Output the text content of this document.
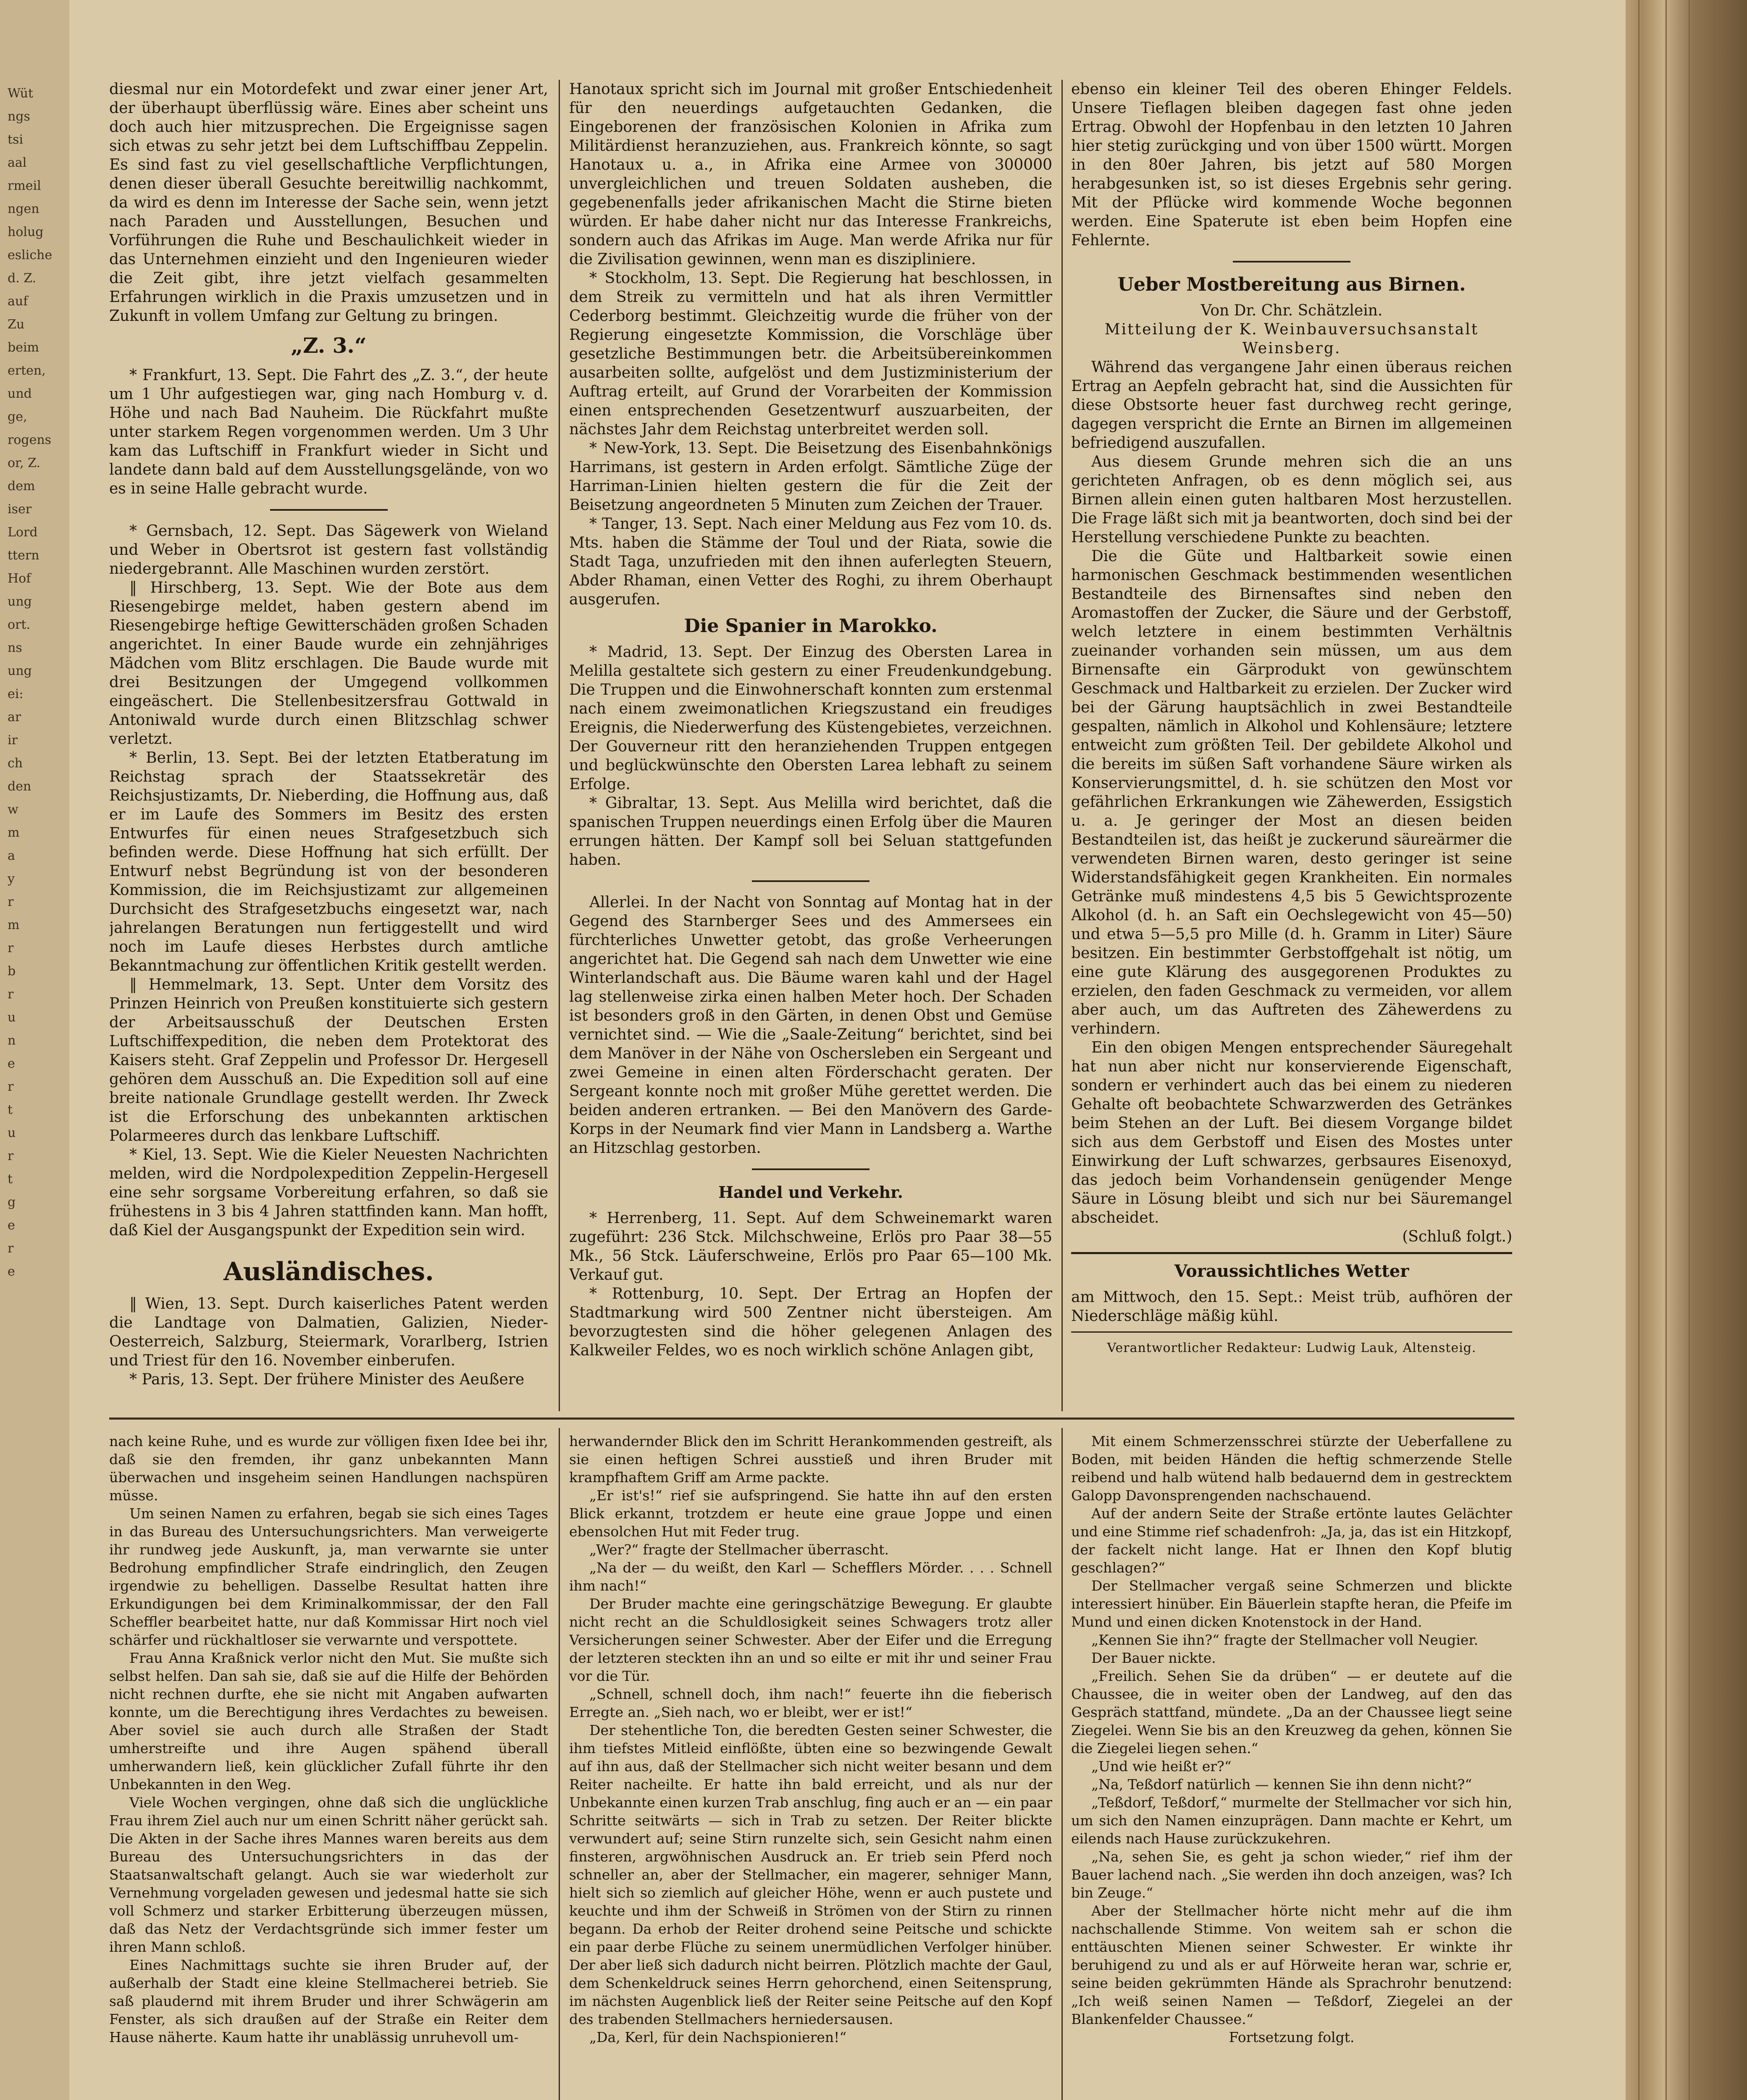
Wüt
ngs
tsi
aal
rmeil
ngen
holug
esliche
d. Z.
auf
Zu
beim
erten,
und
ge,
rogens
or, Z.
dem
iser
Lord
ttern
Hof
ung
ort.
ns
ung
ei:
ar
ir
ch
den
w
m
a
y
r
m
r
b
r
u
n
e
r
t
u
r
t
g
e
r
e

diesmal nur ein Motordefekt und zwar einer jener Art, der überhaupt überflüssig wäre. Eines aber scheint uns doch auch hier mitzusprechen. Die Ergeignisse sagen sich etwas zu sehr jetzt bei dem Luftschiffbau Zeppelin. Es sind fast zu viel gesellschaftliche Verpflichtungen, denen dieser überall Gesuchte bereitwillig nachkommt, da wird es denn im Interesse der Sache sein, wenn jetzt nach Paraden und Ausstellungen, Besuchen und Vorführungen die Ruhe und Beschaulichkeit wieder in das Unternehmen einzieht und den Ingenieuren wieder die Zeit gibt, ihre jetzt vielfach gesammelten Erfahrungen wirklich in die Praxis umzusetzen und in Zukunft in vollem Umfang zur Geltung zu bringen.

„Z. 3.“

* Frankfurt, 13. Sept. Die Fahrt des „Z. 3.“, der heute um 1 Uhr aufgestiegen war, ging nach Homburg v. d. Höhe und nach Bad Nauheim. Die Rückfahrt mußte unter starkem Regen vorgenommen werden. Um 3 Uhr kam das Luftschiff in Frankfurt wieder in Sicht und landete dann bald auf dem Ausstellungsgelände, von wo es in seine Halle gebracht wurde.

* Gernsbach, 12. Sept. Das Sägewerk von Wieland und Weber in Obertsrot ist gestern fast vollständig niedergebrannt. Alle Maschinen wurden zerstört.

‖ Hirschberg, 13. Sept. Wie der Bote aus dem Riesengebirge meldet, haben gestern abend im Riesengebirge heftige Gewitterschäden großen Schaden angerichtet. In einer Baude wurde ein zehnjähriges Mädchen vom Blitz erschlagen. Die Baude wurde mit drei Besitzungen der Umgegend vollkommen eingeäschert. Die Stellenbesitzersfrau Gottwald in Antoniwald wurde durch einen Blitzschlag schwer verletzt.

* Berlin, 13. Sept. Bei der letzten Etatberatung im Reichstag sprach der Staatssekretär des Reichsjustizamts, Dr. Nieberding, die Hoffnung aus, daß er im Laufe des Sommers im Besitz des ersten Entwurfes für einen neues Strafgesetzbuch sich befinden werde. Diese Hoffnung hat sich erfüllt. Der Entwurf nebst Begründung ist von der besonderen Kommission, die im Reichsjustizamt zur allgemeinen Durchsicht des Strafgesetzbuchs eingesetzt war, nach jahrelangen Beratungen nun fertiggestellt und wird noch im Laufe dieses Herbstes durch amtliche Bekanntmachung zur öffentlichen Kritik gestellt werden.

‖ Hemmelmark, 13. Sept. Unter dem Vorsitz des Prinzen Heinrich von Preußen konstituierte sich gestern der Arbeitsausschuß der Deutschen Ersten Luftschiffexpedition, die neben dem Protektorat des Kaisers steht. Graf Zeppelin und Professor Dr. Hergesell gehören dem Ausschuß an. Die Expedition soll auf eine breite nationale Grundlage gestellt werden. Ihr Zweck ist die Erforschung des unbekannten arktischen Polarmeeres durch das lenkbare Luftschiff.

* Kiel, 13. Sept. Wie die Kieler Neuesten Nachrichten melden, wird die Nordpolexpedition Zeppelin-Hergesell eine sehr sorgsame Vorbereitung erfahren, so daß sie frühestens in 3 bis 4 Jahren stattfinden kann. Man hofft, daß Kiel der Ausgangspunkt der Expedition sein wird.

Ausländisches.

‖ Wien, 13. Sept. Durch kaiserliches Patent werden die Landtage von Dalmatien, Galizien, Nieder-Oesterreich, Salzburg, Steiermark, Vorarlberg, Istrien und Triest für den 16. November einberufen.

* Paris, 13. Sept. Der frühere Minister des Aeußere

Hanotaux spricht sich im Journal mit großer Entschiedenheit für den neuerdings aufgetauchten Gedanken, die Eingeborenen der französischen Kolonien in Afrika zum Militärdienst heranzuziehen, aus. Frankreich könnte, so sagt Hanotaux u. a., in Afrika eine Armee von 300000 unvergleichlichen und treuen Soldaten ausheben, die gegebenenfalls jeder afrikanischen Macht die Stirne bieten würden. Er habe daher nicht nur das Interesse Frankreichs, sondern auch das Afrikas im Auge. Man werde Afrika nur für die Zivilisation gewinnen, wenn man es diszipliniere.

* Stockholm, 13. Sept. Die Regierung hat beschlossen, in dem Streik zu vermitteln und hat als ihren Vermittler Cederborg bestimmt. Gleichzeitig wurde die früher von der Regierung eingesetzte Kommission, die Vorschläge über gesetzliche Bestimmungen betr. die Arbeitsübereinkommen ausarbeiten sollte, aufgelöst und dem Justizministerium der Auftrag erteilt, auf Grund der Vorarbeiten der Kommission einen entsprechenden Gesetzentwurf auszuarbeiten, der nächstes Jahr dem Reichstag unterbreitet werden soll.

* New-York, 13. Sept. Die Beisetzung des Eisenbahnkönigs Harrimans, ist gestern in Arden erfolgt. Sämtliche Züge der Harriman-Linien hielten gestern die für die Zeit der Beisetzung angeordneten 5 Minuten zum Zeichen der Trauer.

* Tanger, 13. Sept. Nach einer Meldung aus Fez vom 10. ds. Mts. haben die Stämme der Toul und der Riata, sowie die Stadt Taga, unzufrieden mit den ihnen auferlegten Steuern, Abder Rhaman, einen Vetter des Roghi, zu ihrem Oberhaupt ausgerufen.

Die Spanier in Marokko.

* Madrid, 13. Sept. Der Einzug des Obersten Larea in Melilla gestaltete sich gestern zu einer Freudenkundgebung. Die Truppen und die Einwohnerschaft konnten zum erstenmal nach einem zweimonatlichen Kriegszustand ein freudiges Ereignis, die Niederwerfung des Küstengebietes, verzeichnen. Der Gouverneur ritt den heranziehenden Truppen entgegen und beglückwünschte den Obersten Larea lebhaft zu seinem Erfolge.

* Gibraltar, 13. Sept. Aus Melilla wird berichtet, daß die spanischen Truppen neuerdings einen Erfolg über die Mauren errungen hätten. Der Kampf soll bei Seluan stattgefunden haben.

Allerlei. In der Nacht von Sonntag auf Montag hat in der Gegend des Starnberger Sees und des Ammersees ein fürchterliches Unwetter getobt, das große Verheerungen angerichtet hat. Die Gegend sah nach dem Unwetter wie eine Winterlandschaft aus. Die Bäume waren kahl und der Hagel lag stellenweise zirka einen halben Meter hoch. Der Schaden ist besonders groß in den Gärten, in denen Obst und Gemüse vernichtet sind. — Wie die „Saale-Zeitung“ berichtet, sind bei dem Manöver in der Nähe von Oschersleben ein Sergeant und zwei Gemeine in einen alten Förderschacht geraten. Der Sergeant konnte noch mit großer Mühe gerettet werden. Die beiden anderen ertranken. — Bei den Manövern des Garde-Korps in der Neumark find vier Mann in Landsberg a. Warthe an Hitzschlag gestorben.

Handel und Verkehr.

* Herrenberg, 11. Sept. Auf dem Schweinemarkt waren zugeführt: 236 Stck. Milchschweine, Erlös pro Paar 38—55 Mk., 56 Stck. Läuferschweine, Erlös pro Paar 65—100 Mk. Verkauf gut.

* Rottenburg, 10. Sept. Der Ertrag an Hopfen der Stadtmarkung wird 500 Zentner nicht übersteigen. Am bevorzugtesten sind die höher gelegenen Anlagen des Kalkweiler Feldes, wo es noch wirklich schöne Anlagen gibt,

ebenso ein kleiner Teil des oberen Ehinger Feldels. Unsere Tieflagen bleiben dagegen fast ohne jeden Ertrag. Obwohl der Hopfenbau in den letzten 10 Jahren hier stetig zurückging und von über 1500 württ. Morgen in den 80er Jahren, bis jetzt auf 580 Morgen herabgesunken ist, so ist dieses Ergebnis sehr gering. Mit der Pflücke wird kommende Woche begonnen werden. Eine Spaterute ist eben beim Hopfen eine Fehlernte.

Ueber Mostbereitung aus Birnen.

Von Dr. Chr. Schätzlein.

Mitteilung der K. Weinbauversuchsanstalt Weinsberg.

Während das vergangene Jahr einen überaus reichen Ertrag an Aepfeln gebracht hat, sind die Aussichten für diese Obstsorte heuer fast durchweg recht geringe, dagegen verspricht die Ernte an Birnen im allgemeinen befriedigend auszufallen.

Aus diesem Grunde mehren sich die an uns gerichteten Anfragen, ob es denn möglich sei, aus Birnen allein einen guten haltbaren Most herzustellen. Die Frage läßt sich mit ja beantworten, doch sind bei der Herstellung verschiedene Punkte zu beachten.

Die die Güte und Haltbarkeit sowie einen harmonischen Geschmack bestimmenden wesentlichen Bestandteile des Birnensaftes sind neben den Aromastoffen der Zucker, die Säure und der Gerbstoff, welch letztere in einem bestimmten Verhältnis zueinander vorhanden sein müssen, um aus dem Birnensafte ein Gärprodukt von gewünschtem Geschmack und Haltbarkeit zu erzielen. Der Zucker wird bei der Gärung hauptsächlich in zwei Bestandteile gespalten, nämlich in Alkohol und Kohlensäure; letztere entweicht zum größten Teil. Der gebildete Alkohol und die bereits im süßen Saft vorhandene Säure wirken als Konservierungsmittel, d. h. sie schützen den Most vor gefährlichen Erkrankungen wie Zähewerden, Essigstich u. a. Je geringer der Most an diesen beiden Bestandteilen ist, das heißt je zuckerund säureärmer die verwendeten Birnen waren, desto geringer ist seine Widerstandsfähigkeit gegen Krankheiten. Ein normales Getränke muß mindestens 4,5 bis 5 Gewichtsprozente Alkohol (d. h. an Saft ein Oechslegewicht von 45—50) und etwa 5—5,5 pro Mille (d. h. Gramm in Liter) Säure besitzen. Ein bestimmter Gerbstoffgehalt ist nötig, um eine gute Klärung des ausgegorenen Produktes zu erzielen, den faden Geschmack zu vermeiden, vor allem aber auch, um das Auftreten des Zähewerdens zu verhindern.

Ein den obigen Mengen entsprechender Säuregehalt hat nun aber nicht nur konservierende Eigenschaft, sondern er verhindert auch das bei einem zu niederen Gehalte oft beobachtete Schwarzwerden des Getränkes beim Stehen an der Luft. Bei diesem Vorgange bildet sich aus dem Gerbstoff und Eisen des Mostes unter Einwirkung der Luft schwarzes, gerbsaures Eisenoxyd, das jedoch beim Vorhandensein genügender Menge Säure in Lösung bleibt und sich nur bei Säuremangel abscheidet.

(Schluß folgt.)

Voraussichtliches Wetter

am Mittwoch, den 15. Sept.: Meist trüb, aufhören der Niederschläge mäßig kühl.

Verantwortlicher Redakteur: Ludwig Lauk, Altensteig.

nach keine Ruhe, und es wurde zur völligen fixen Idee bei ihr, daß sie den fremden, ihr ganz unbekannten Mann überwachen und insgeheim seinen Handlungen nachspüren müsse.

Um seinen Namen zu erfahren, begab sie sich eines Tages in das Bureau des Untersuchungsrichters. Man verweigerte ihr rundweg jede Auskunft, ja, man verwarnte sie unter Bedrohung empfindlicher Strafe eindringlich, den Zeugen irgendwie zu behelligen. Dasselbe Resultat hatten ihre Erkundigungen bei dem Kriminalkommissar, der den Fall Scheffler bearbeitet hatte, nur daß Kommissar Hirt noch viel schärfer und rückhaltloser sie verwarnte und verspottete.

Frau Anna Kraßnick verlor nicht den Mut. Sie mußte sich selbst helfen. Dan sah sie, daß sie auf die Hilfe der Behörden nicht rechnen durfte, ehe sie nicht mit Angaben aufwarten konnte, um die Berechtigung ihres Verdachtes zu beweisen. Aber soviel sie auch durch alle Straßen der Stadt umherstreifte und ihre Augen spähend überall umherwandern ließ, kein glücklicher Zufall führte ihr den Unbekannten in den Weg.

Viele Wochen vergingen, ohne daß sich die unglückliche Frau ihrem Ziel auch nur um einen Schritt näher gerückt sah. Die Akten in der Sache ihres Mannes waren bereits aus dem Bureau des Untersuchungsrichters in das der Staatsanwaltschaft gelangt. Auch sie war wiederholt zur Vernehmung vorgeladen gewesen und jedesmal hatte sie sich voll Schmerz und starker Erbitterung überzeugen müssen, daß das Netz der Verdachtsgründe sich immer fester um ihren Mann schloß.

Eines Nachmittags suchte sie ihren Bruder auf, der außerhalb der Stadt eine kleine Stellmacherei betrieb. Sie saß plaudernd mit ihrem Bruder und ihrer Schwägerin am Fenster, als sich draußen auf der Straße ein Reiter dem Hause näherte. Kaum hatte ihr unablässig unruhevoll um-

herwandernder Blick den im Schritt Herankommenden gestreift, als sie einen heftigen Schrei ausstieß und ihren Bruder mit krampfhaftem Griff am Arme packte.

„Er ist's!“ rief sie aufspringend. Sie hatte ihn auf den ersten Blick erkannt, trotzdem er heute eine graue Joppe und einen ebensolchen Hut mit Feder trug.

„Wer?“ fragte der Stellmacher überrascht.

„Na der — du weißt, den Karl — Schefflers Mörder. . . . Schnell ihm nach!“

Der Bruder machte eine geringschätzige Bewegung. Er glaubte nicht recht an die Schuldlosigkeit seines Schwagers trotz aller Versicherungen seiner Schwester. Aber der Eifer und die Erregung der letzteren steckten ihn an und so eilte er mit ihr und seiner Frau vor die Tür.

„Schnell, schnell doch, ihm nach!“ feuerte ihn die fieberisch Erregte an. „Sieh nach, wo er bleibt, wer er ist!“

Der stehentliche Ton, die beredten Gesten seiner Schwester, die ihm tiefstes Mitleid einflößte, übten eine so bezwingende Gewalt auf ihn aus, daß der Stellmacher sich nicht weiter besann und dem Reiter nacheilte. Er hatte ihn bald erreicht, und als nur der Unbekannte einen kurzen Trab anschlug, fing auch er an — ein paar Schritte seitwärts — sich in Trab zu setzen. Der Reiter blickte verwundert auf; seine Stirn runzelte sich, sein Gesicht nahm einen finsteren, argwöhnischen Ausdruck an. Er trieb sein Pferd noch schneller an, aber der Stellmacher, ein magerer, sehniger Mann, hielt sich so ziemlich auf gleicher Höhe, wenn er auch pustete und keuchte und ihm der Schweiß in Strömen von der Stirn zu rinnen begann. Da erhob der Reiter drohend seine Peitsche und schickte ein paar derbe Flüche zu seinem unermüdlichen Verfolger hinüber. Der aber ließ sich dadurch nicht beirren. Plötzlich machte der Gaul, dem Schenkeldruck seines Herrn gehorchend, einen Seitensprung, im nächsten Augenblick ließ der Reiter seine Peitsche auf den Kopf des trabenden Stellmachers herniedersausen.

„Da, Kerl, für dein Nachspionieren!“

Mit einem Schmerzensschrei stürzte der Ueberfallene zu Boden, mit beiden Händen die heftig schmerzende Stelle reibend und halb wütend halb bedauernd dem in gestrecktem Galopp Davonsprengenden nachschauend.

Auf der andern Seite der Straße ertönte lautes Gelächter und eine Stimme rief schadenfroh: „Ja, ja, das ist ein Hitzkopf, der fackelt nicht lange. Hat er Ihnen den Kopf blutig geschlagen?“

Der Stellmacher vergaß seine Schmerzen und blickte interessiert hinüber. Ein Bäuerlein stapfte heran, die Pfeife im Mund und einen dicken Knotenstock in der Hand.

„Kennen Sie ihn?“ fragte der Stellmacher voll Neugier.

Der Bauer nickte.

„Freilich. Sehen Sie da drüben“ — er deutete auf die Chaussee, die in weiter oben der Landweg, auf den das Gespräch stattfand, mündete. „Da an der Chaussee liegt seine Ziegelei. Wenn Sie bis an den Kreuzweg da gehen, können Sie die Ziegelei liegen sehen.“

„Und wie heißt er?“

„Na, Teßdorf natürlich — kennen Sie ihn denn nicht?“

„Teßdorf, Teßdorf,“ murmelte der Stellmacher vor sich hin, um sich den Namen einzuprägen. Dann machte er Kehrt, um eilends nach Hause zurückzukehren.

„Na, sehen Sie, es geht ja schon wieder,“ rief ihm der Bauer lachend nach. „Sie werden ihn doch anzeigen, was? Ich bin Zeuge.“

Aber der Stellmacher hörte nicht mehr auf die ihm nachschallende Stimme. Von weitem sah er schon die enttäuschten Mienen seiner Schwester. Er winkte ihr beruhigend zu und als er auf Hörweite heran war, schrie er, seine beiden gekrümmten Hände als Sprachrohr benutzend: „Ich weiß seinen Namen — Teßdorf, Ziegelei an der Blankenfelder Chaussee.“

Fortsetzung folgt.
